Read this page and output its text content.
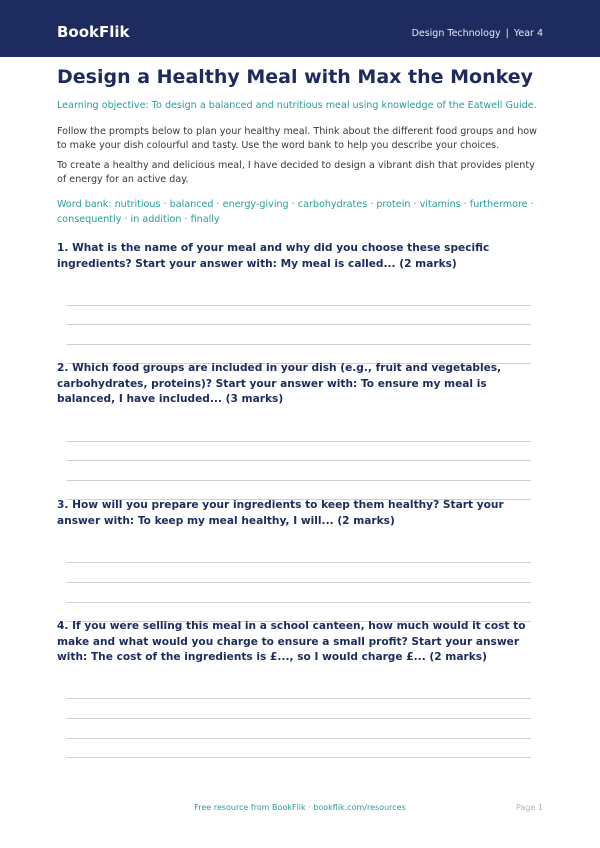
BookFlik	Design Technology | Year 4
Design a Healthy Meal with Max the Monkey
Learning objective: To design a balanced and nutritious meal using knowledge of the Eatwell Guide.
Follow the prompts below to plan your healthy meal. Think about the different food groups and how to make your dish colourful and tasty. Use the word bank to help you describe your choices.
To create a healthy and delicious meal, I have decided to design a vibrant dish that provides plenty of energy for an active day.
Word bank: nutritious · balanced · energy-giving · carbohydrates · protein · vitamins · furthermore · consequently · in addition · finally
1. What is the name of your meal and why did you choose these specific ingredients? Start your answer with: My meal is called... (2 marks)
2. Which food groups are included in your dish (e.g., fruit and vegetables, carbohydrates, proteins)? Start your answer with: To ensure my meal is balanced, I have included... (3 marks)
3. How will you prepare your ingredients to keep them healthy? Start your answer with: To keep my meal healthy, I will... (2 marks)
4. If you were selling this meal in a school canteen, how much would it cost to make and what would you charge to ensure a small profit? Start your answer with: The cost of the ingredients is £..., so I would charge £... (2 marks)
Free resource from BookFlik · bookflik.com/resources	Page 1
